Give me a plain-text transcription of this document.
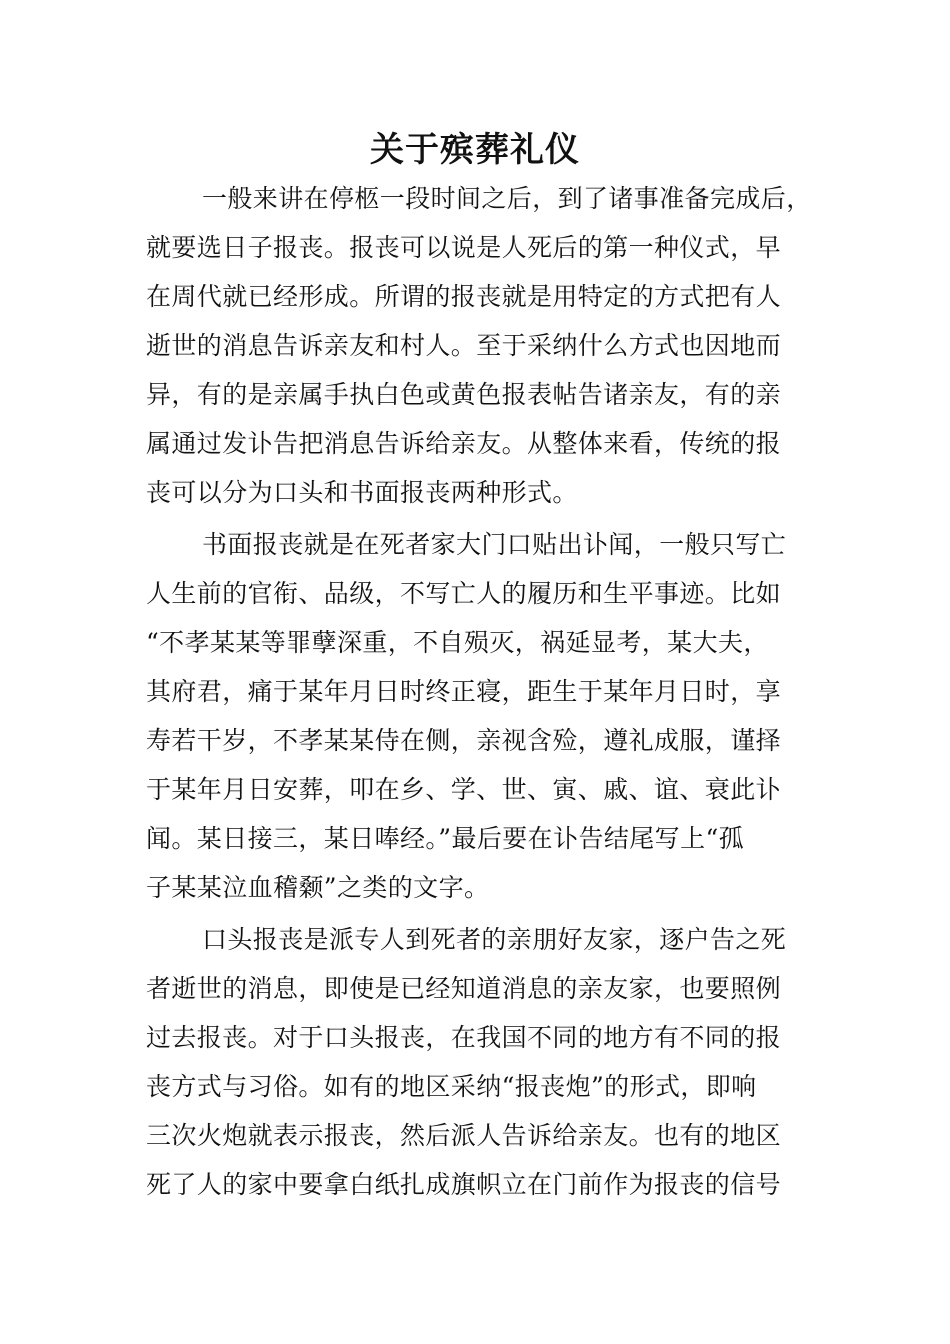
关于殡葬礼仪
一般来讲在停柩一段时间之后，到了诸事准备完成后，
就要选日子报丧。报丧可以说是人死后的第一种仪式，早
在周代就已经形成。所谓的报丧就是用特定的方式把有人
逝世的消息告诉亲友和村人。至于采纳什么方式也因地而
异，有的是亲属手执白色或黄色报表帖告诸亲友，有的亲
属通过发讣告把消息告诉给亲友。从整体来看，传统的报
丧可以分为口头和书面报丧两种形式。
书面报丧就是在死者家大门口贴出讣闻，一般只写亡
人生前的官衔、品级，不写亡人的履历和生平事迹。比如
“不孝某某等罪孽深重，不自殒灭，祸延显考，某大夫，
其府君，痛于某年月日时终正寝，距生于某年月日时，享
寿若干岁，不孝某某侍在侧，亲视含殓，遵礼成服，谨择
于某年月日安葬，叩在乡、学、世、寅、戚、谊、衰此讣
闻。某日接三，某日唪经。”最后要在讣告结尾写上“孤
子某某泣血稽颡”之类的文字。
口头报丧是派专人到死者的亲朋好友家，逐户告之死
者逝世的消息，即使是已经知道消息的亲友家，也要照例
过去报丧。对于口头报丧，在我国不同的地方有不同的报
丧方式与习俗。如有的地区采纳“报丧炮”的形式，即响
三次火炮就表示报丧，然后派人告诉给亲友。也有的地区
死了人的家中要拿白纸扎成旗帜立在门前作为报丧的信号
